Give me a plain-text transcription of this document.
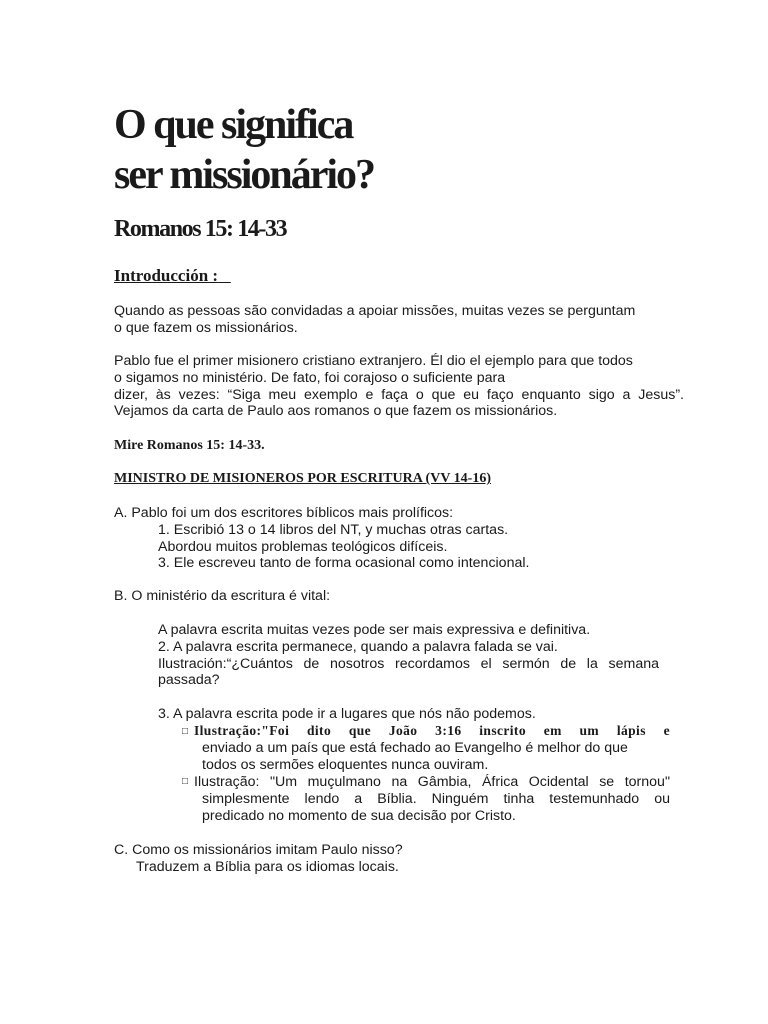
O que significa
ser missionário?
Romanos 15: 14-33
Introducción :

Quando as pessoas são convidadas a apoiar missões, muitas vezes se perguntam

o que fazem os missionários.

Pablo fue el primer misionero cristiano extranjero. Él dio el ejemplo para que todos

o sigamos no ministério. De fato, foi corajoso o suficiente para

dizer, às vezes: “Siga meu exemplo e faça o que eu faço enquanto sigo a Jesus”.

Vejamos da carta de Paulo aos romanos o que fazem os missionários.

Mire Romanos 15: 14-33.
MINISTRO DE MISIONEROS POR ESCRITURA (VV 14-16)

A. Pablo foi um dos escritores bíblicos mais prolíficos:

1. Escribió 13 o 14 libros del NT, y muchas otras cartas.

Abordou muitos problemas teológicos difíceis.

3. Ele escreveu tanto de forma ocasional como intencional.

B. O ministério da escritura é vital:

A palavra escrita muitas vezes pode ser mais expressiva e definitiva.

2. A palavra escrita permanece, quando a palavra falada se vai.

Ilustración:“¿Cuántos de nosotros recordamos el sermón de la semana

passada?

3. A palavra escrita pode ir a lugares que nós não podemos.

□ Ilustração:"Foi dito que João 3:16 inscrito em um lápis e

enviado a um país que está fechado ao Evangelho é melhor do que

todos os sermões eloquentes nunca ouviram.

□ Ilustração: "Um muçulmano na Gâmbia, África Ocidental se tornou"

simplesmente lendo a Bíblia. Ninguém tinha testemunhado ou

predicado no momento de sua decisão por Cristo.

C. Como os missionários imitam Paulo nisso?

Traduzem a Bíblia para os idiomas locais.
